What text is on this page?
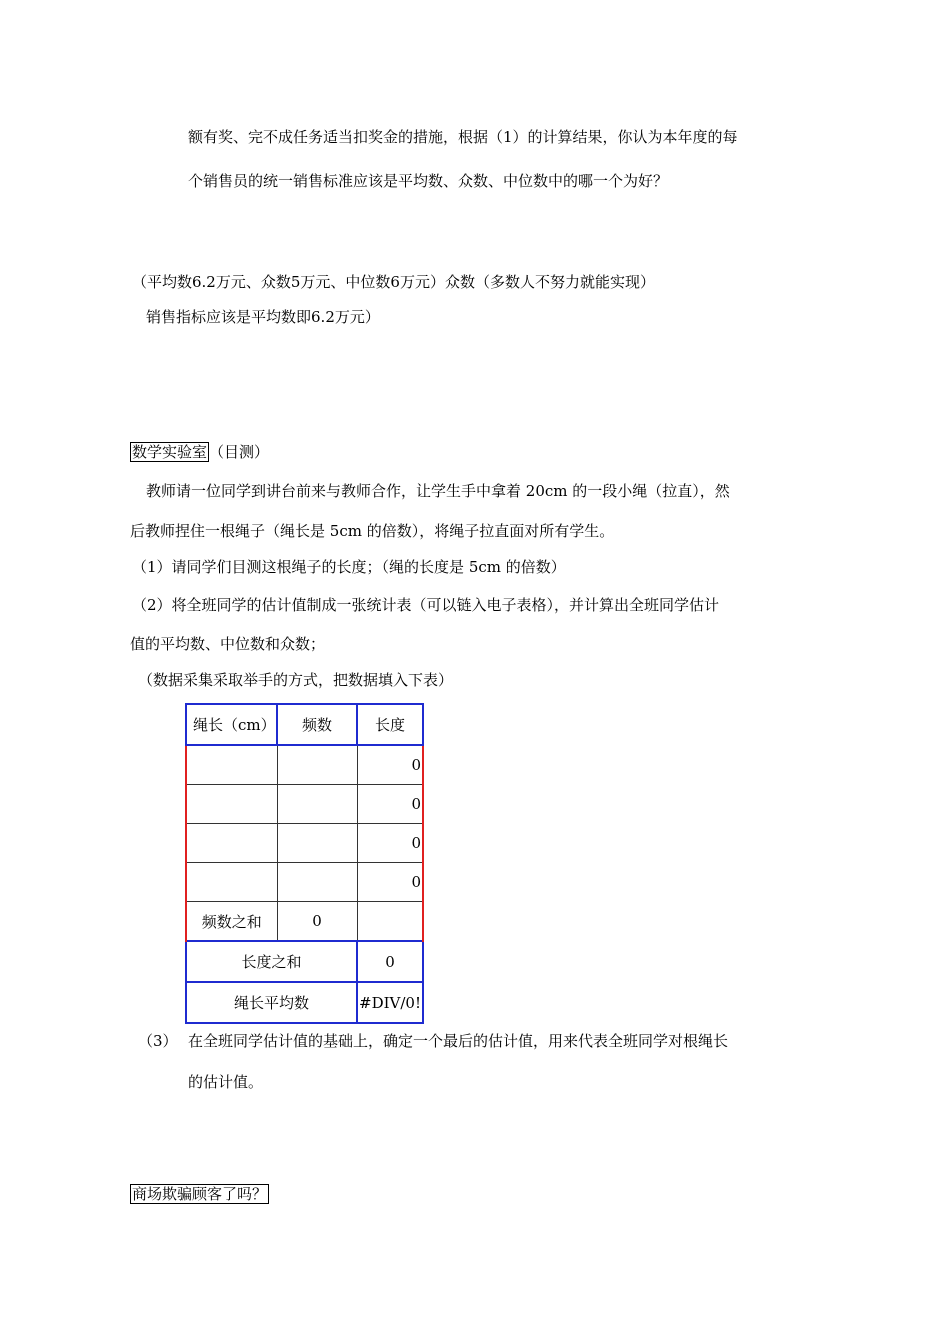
额有奖、完不成任务适当扣奖金的措施，根据（1）的计算结果，你认为本年度的每
个销售员的统一销售标准应该是平均数、众数、中位数中的哪一个为好？
（平均数6.2万元、众数5万元、中位数6万元）众数（多数人不努力就能实现）
销售指标应该是平均数即6.2万元）
数学实验室 （目测）
教师请一位同学到讲台前来与教师合作，让学生手中拿着 20cm 的一段小绳（拉直），然
后教师捏住一根绳子（绳长是 5cm 的倍数），将绳子拉直面对所有学生。
（1）请同学们目测这根绳子的长度；（绳的长度是 5cm 的倍数）
（2）将全班同学的估计值制成一张统计表（可以链入电子表格），并计算出全班同学估计
值的平均数、中位数和众数；
（数据采集采取举手的方式，把数据填入下表）
绳长（cm）	频数	长度
		0
		0
		0
		0
频数之和	0	
长度之和		0
绳长平均数		#DIV/0!
（3） 在全班同学估计值的基础上，确定一个最后的估计值，用来代表全班同学对根绳长
的估计值。
商场欺骗顾客了吗？
